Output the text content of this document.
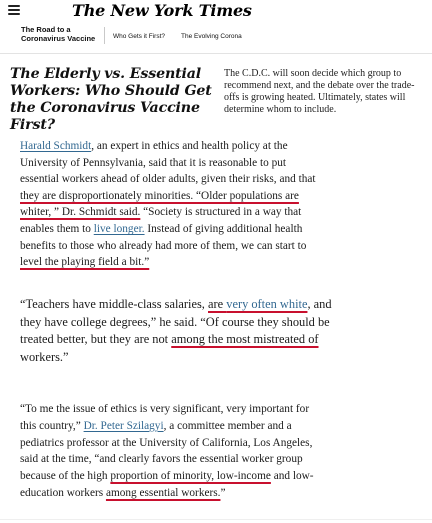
The New York Times
The Road to a Coronavirus Vaccine	Who Gets it First? The Evolving Corona
The Elderly vs. Essential Workers: Who Should Get the Coronavirus Vaccine First?

The C.D.C. will soon decide which group to recommend next, and the debate over the trade-offs is growing heated. Ultimately, states will determine whom to include.

Harald Schmidt, an expert in ethics and health policy at the
University of Pennsylvania, said that it is reasonable to put
essential workers ahead of older adults, given their risks, and that
they are disproportionately minorities. “Older populations are
whiter, ” Dr. Schmidt said. “Society is structured in a way that
enables them to live longer. Instead of giving additional health
benefits to those who already had more of them, we can start to
level the playing field a bit.”
“Teachers have middle-class salaries, are very often white, and
they have college degrees,” he said. “Of course they should be
treated better, but they are not among the most mistreated of
workers.”
“To me the issue of ethics is very significant, very important for
this country,” Dr. Peter Szilagyi, a committee member and a
pediatrics professor at the University of California, Los Angeles,
said at the time, “and clearly favors the essential worker group
because of the high proportion of minority, low-income and low-
education workers among essential workers.”
